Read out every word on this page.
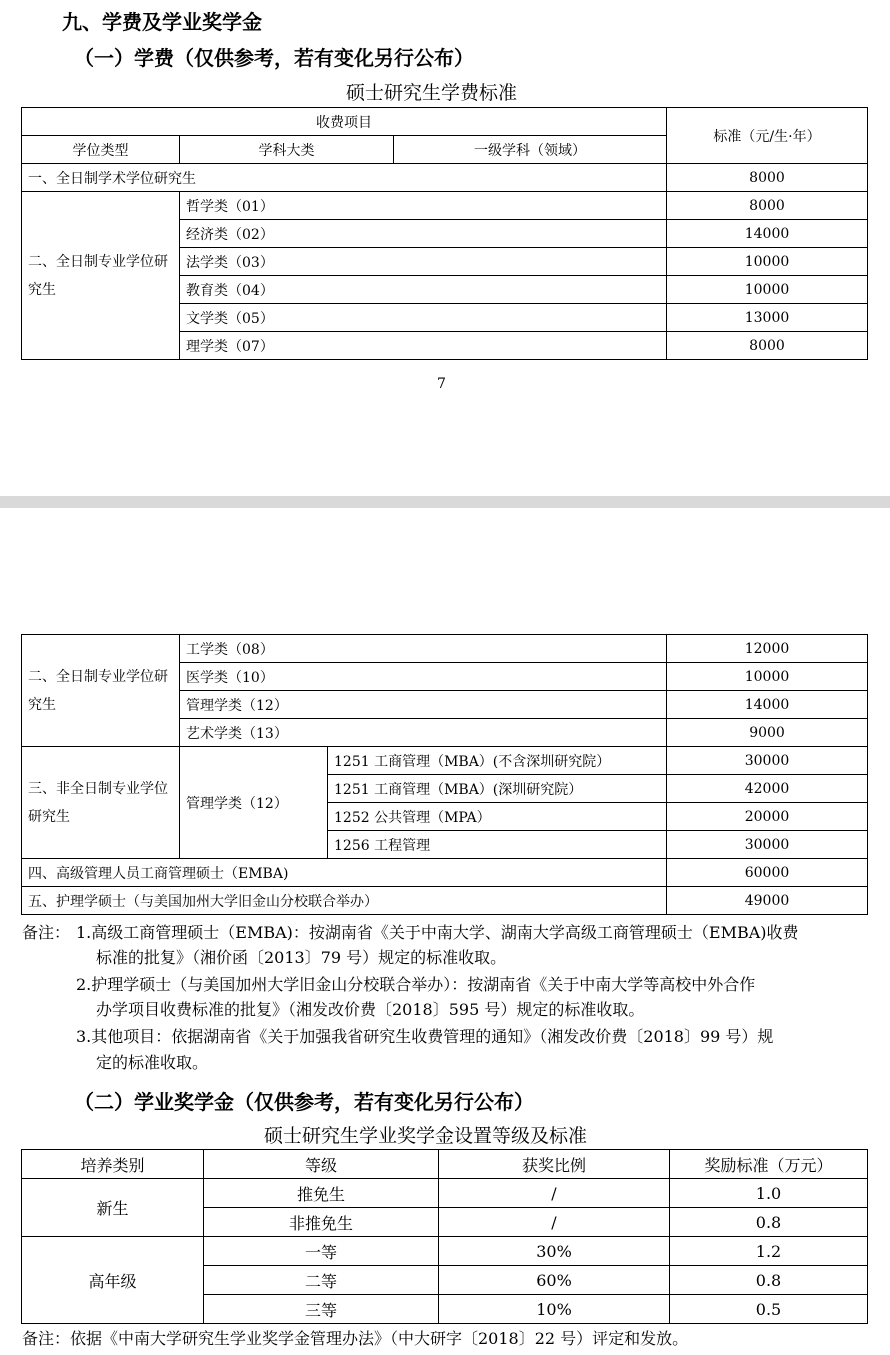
九、学费及学业奖学金
（一）学费（仅供参考，若有变化另行公布）
硕士研究生学费标准
收费项目			标准（元/生·年）
学位类型	学科大类	一级学科（领域）	
一、全日制学术学位研究生			8000
二、全日制专业学位研究生	哲学类（01）		8000
	经济类（02）		14000
	法学类（03）		10000
	教育类（04）		10000
	文学类（05）		13000
	理学类（07）		8000
7
二、全日制专业学位研究生	工学类（08）		12000
	医学类（10）		10000
	管理学类（12）		14000
	艺术学类（13）		9000
三、非全日制专业学位研究生	管理学类（12）	1251 工商管理（MBA）(不含深圳研究院）	30000
		1251 工商管理（MBA）(深圳研究院）	42000
		1252 公共管理（MPA）	20000
		1256 工程管理	30000
四、高级管理人员工商管理硕士（EMBA)			60000
五、护理学硕士（与美国加州大学旧金山分校联合举办）			49000
备注： 1.高级工商管理硕士（EMBA)：按湖南省《关于中南大学、湖南大学高级工商管理硕士（EMBA)收费
标准的批复》（湘价函〔2013〕79 号）规定的标准收取。
2.护理学硕士（与美国加州大学旧金山分校联合举办）：按湖南省《关于中南大学等高校中外合作
办学项目收费标准的批复》（湘发改价费〔2018〕595 号）规定的标准收取。
3.其他项目：依据湖南省《关于加强我省研究生收费管理的通知》（湘发改价费〔2018〕99 号）规
定的标准收取。
（二）学业奖学金（仅供参考，若有变化另行公布）
硕士研究生学业奖学金设置等级及标准
培养类别	等级	获奖比例	奖励标准（万元）
新生	推免生	/	1.0
	非推免生	/	0.8
高年级	一等	30%	1.2
	二等	60%	0.8
	三等	10%	0.5
备注：依据《中南大学研究生学业奖学金管理办法》（中大研字〔2018〕22 号）评定和发放。
